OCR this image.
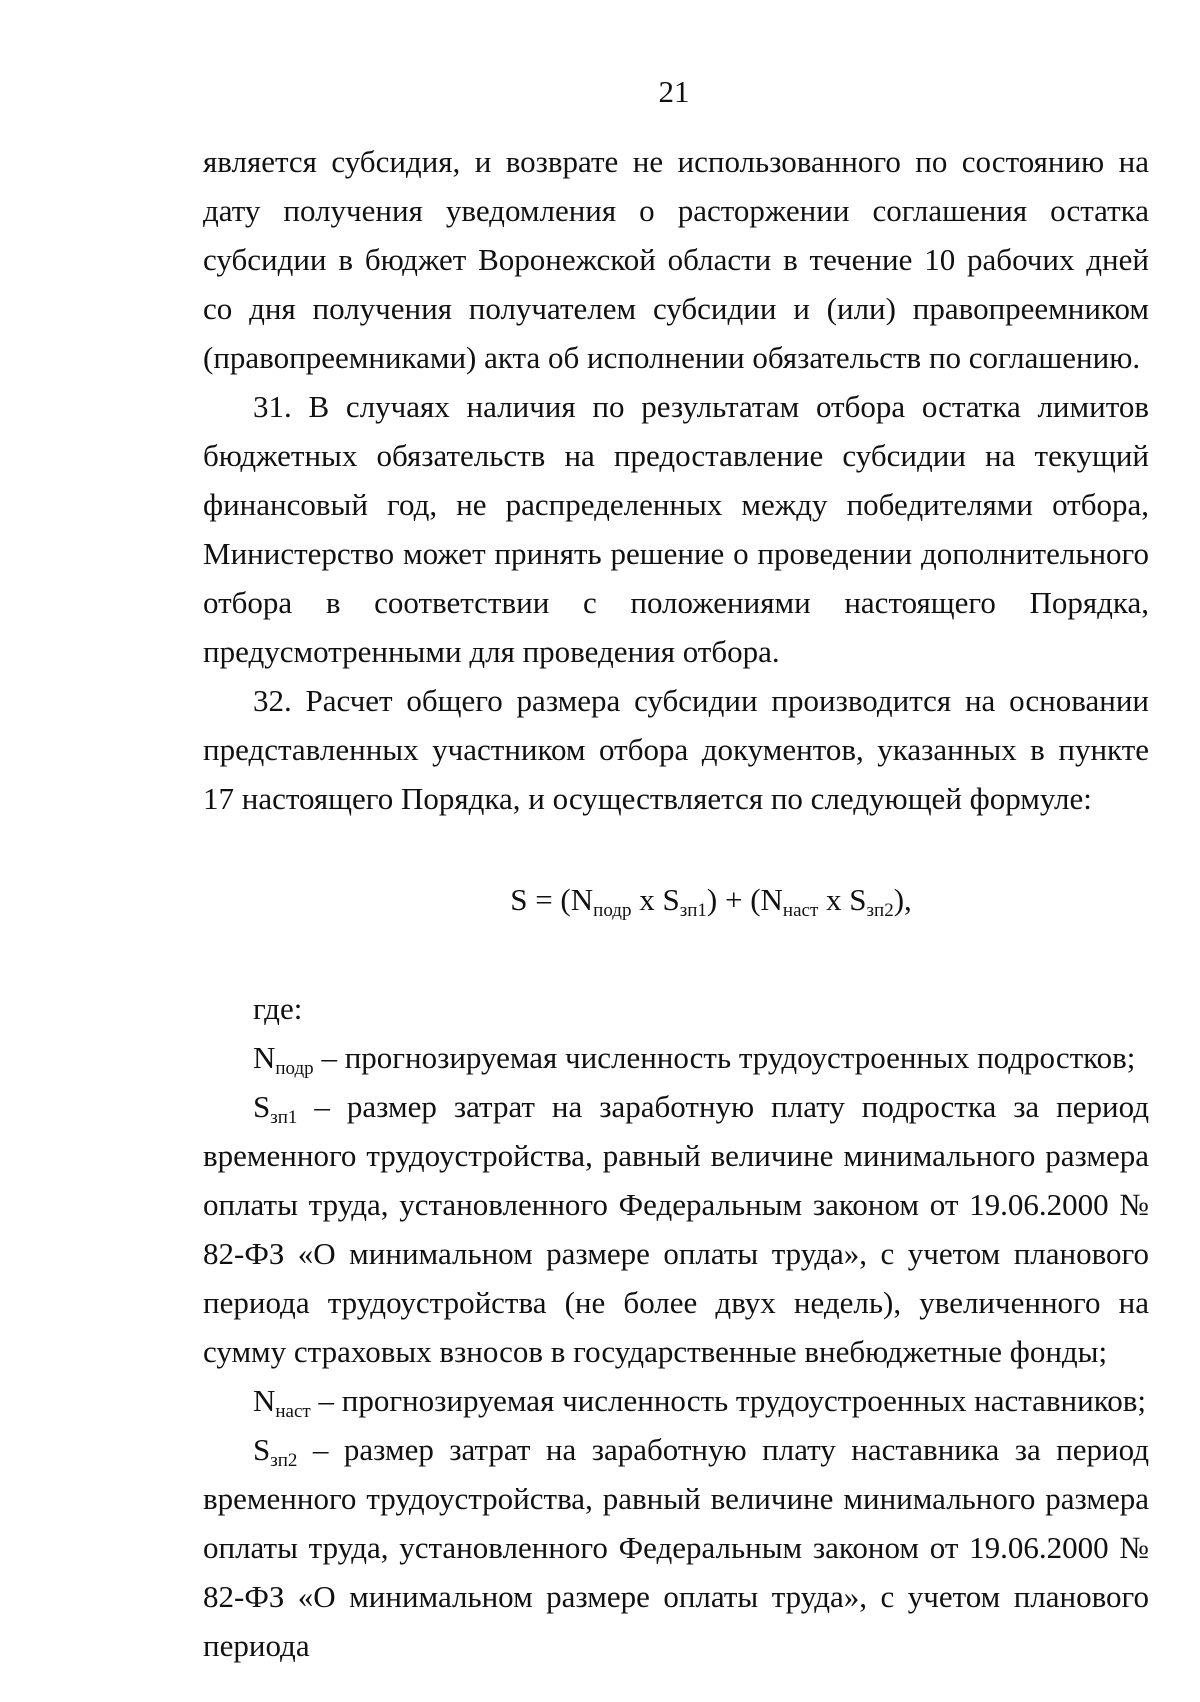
21

является субсидия, и возврате не использованного по состоянию на дату получения уведомления о расторжении соглашения остатка субсидии в бюджет Воронежской области в течение 10 рабочих дней со дня получения получателем субсидии и (или) правопреемником (правопреемниками) акта об исполнении обязательств по соглашению.

31. В случаях наличия по результатам отбора остатка лимитов бюджетных обязательств на предоставление субсидии на текущий финансовый год, не распределенных между победителями отбора, Министерство может принять решение о проведении дополнительного отбора в соответствии с положениями настоящего Порядка, предусмотренными для проведения отбора.

32. Расчет общего размера субсидии производится на основании представленных участником отбора документов, указанных в пункте 17 настоящего Порядка, и осуществляется по следующей формуле:

$S = (N_{подр}$ x $S_{зп1}) + (N_{наст}$ x $S_{зп2}$),

где:

$N_{подр}$ – прогнозируемая численность трудоустроенных подростков;

$S_{зп1}$ – размер затрат на заработную плату подростка за период временного трудоустройства, равный величине минимального размера оплаты труда, установленного Федеральным законом от 19.06.2000 № 82-ФЗ «О минимальном размере оплаты труда», с учетом планового периода трудоустройства (не более двух недель), увеличенного на сумму страховых взносов в государственные внебюджетные фонды;

$N_{наст}$ – прогнозируемая численность трудоустроенных наставников;

$S_{зп2}$ – размер затрат на заработную плату наставника за период временного трудоустройства, равный величине минимального размера оплаты труда, установленного Федеральным законом от 19.06.2000 № 82-ФЗ «О минимальном размере оплаты труда», с учетом планового периода
